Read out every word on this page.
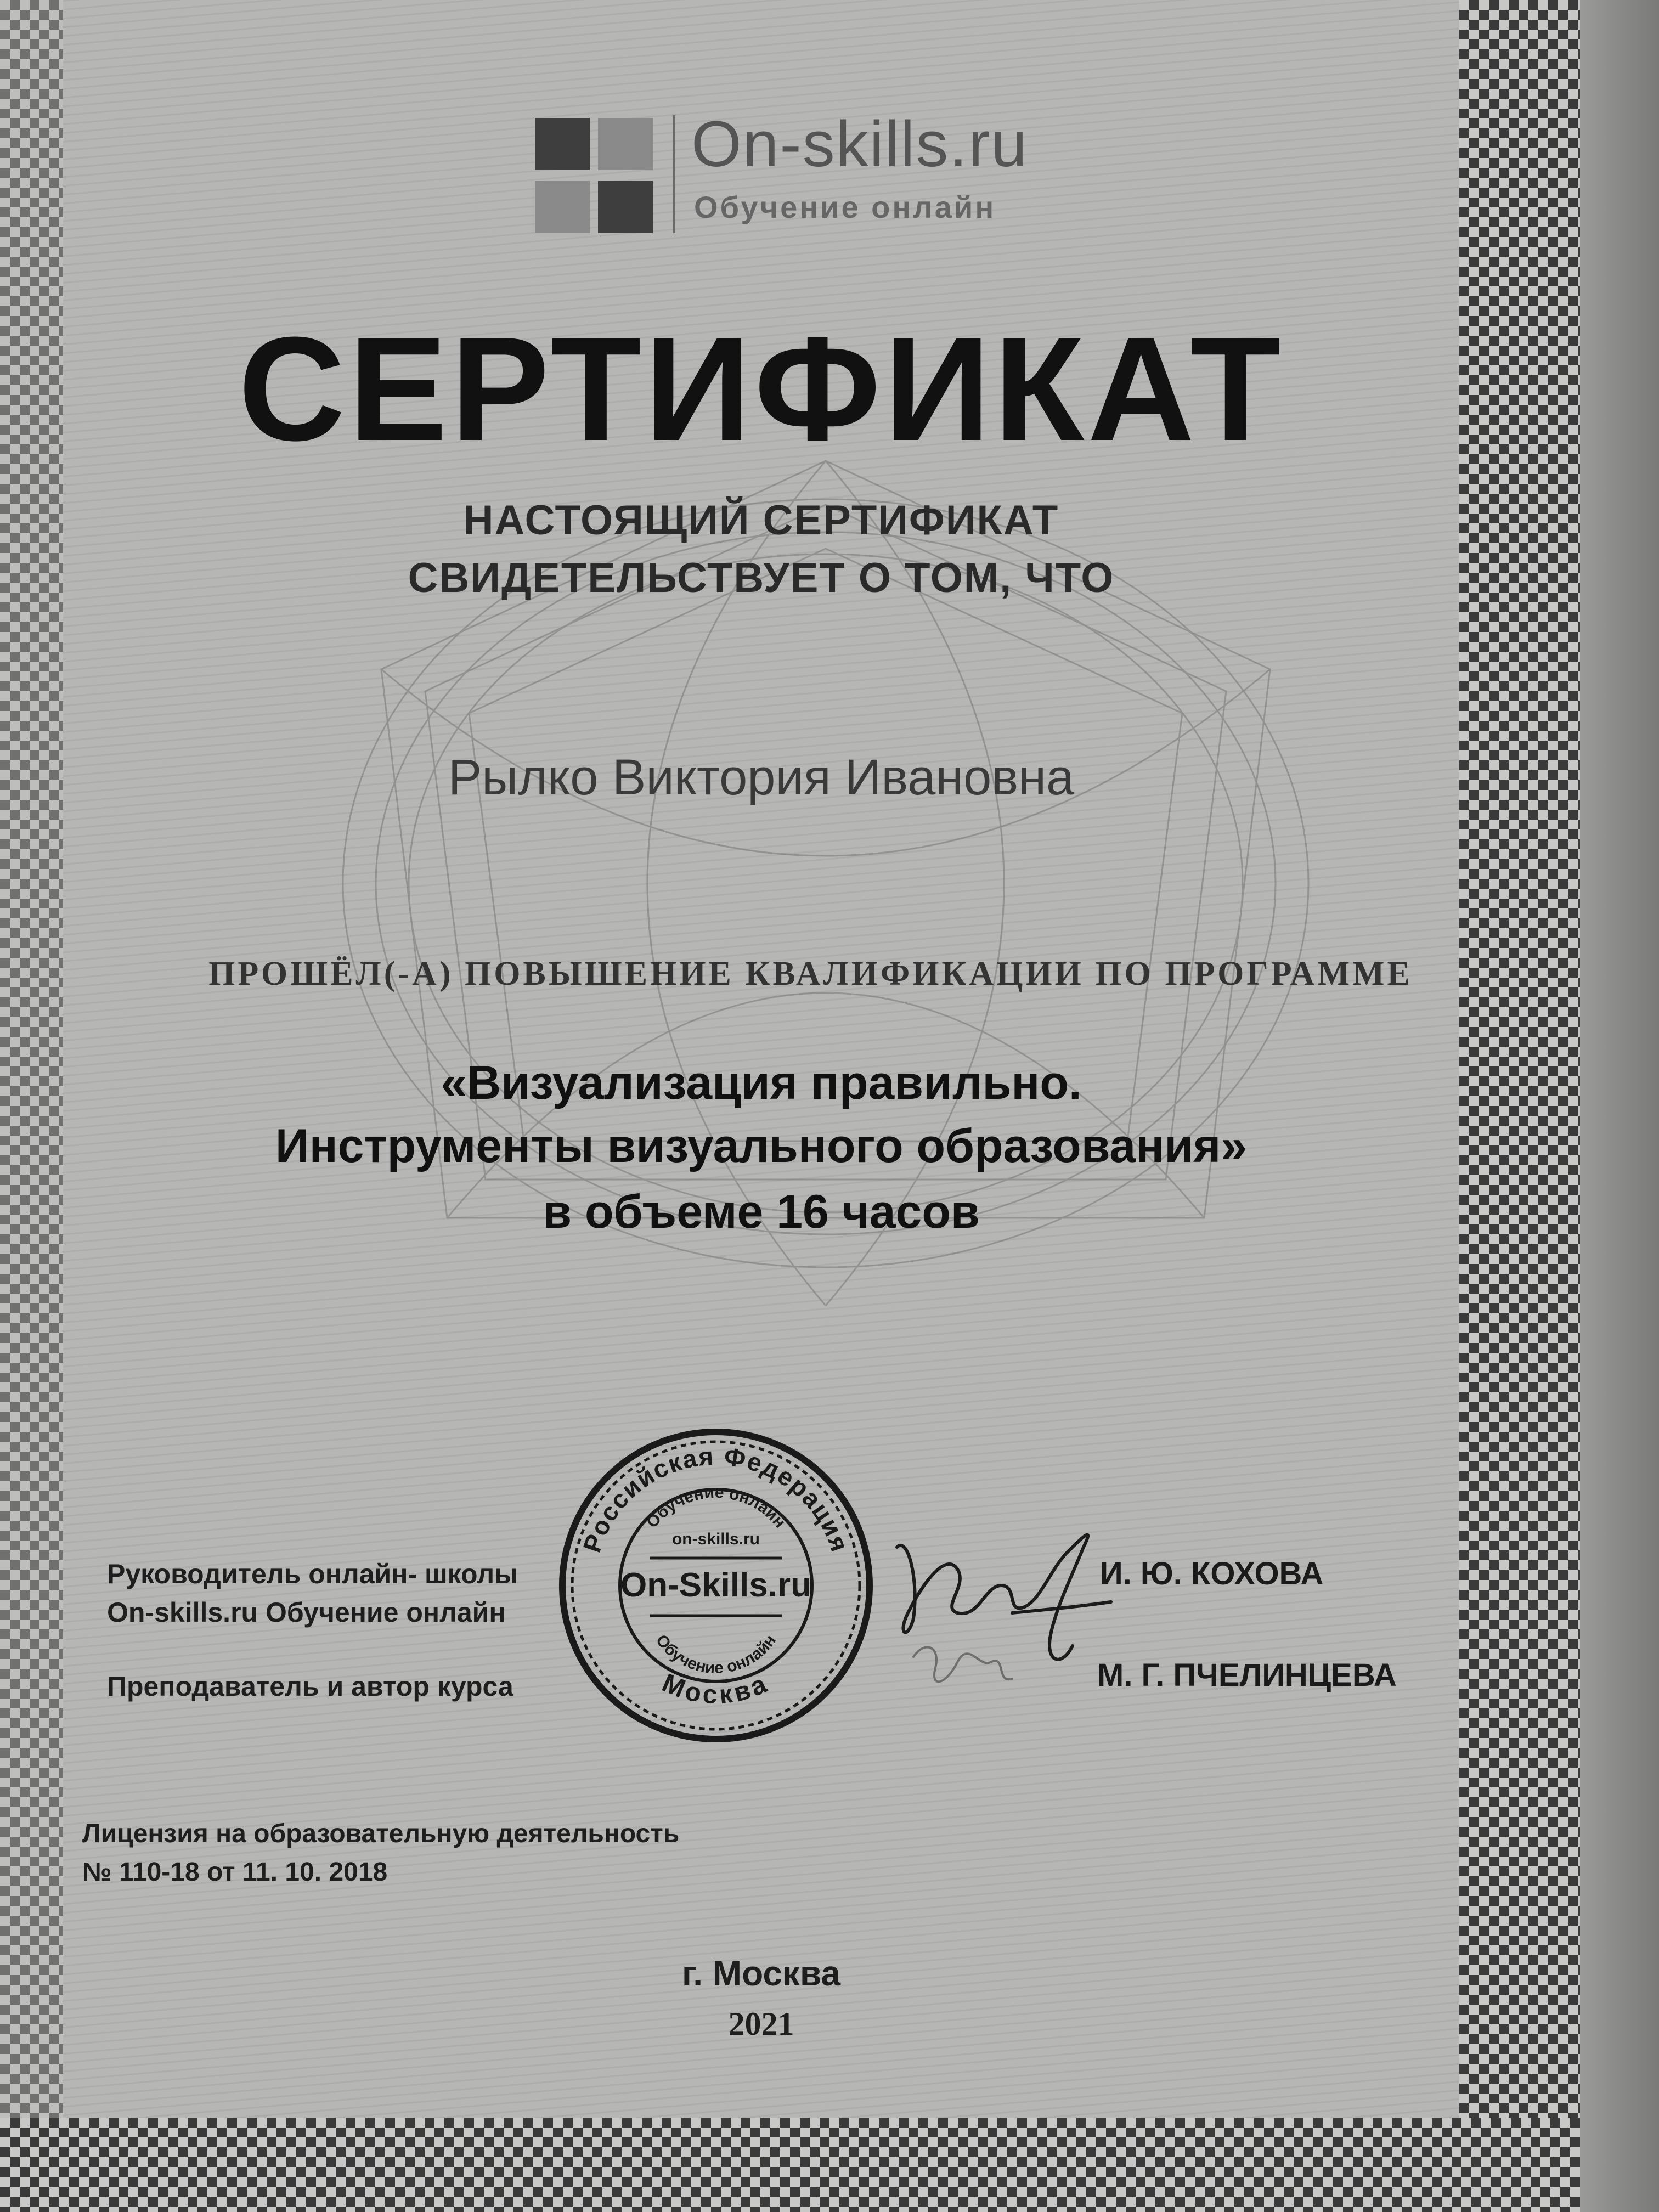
On-skills.ru
Обучение онлайн
СЕРТИФИКАТ
НАСТОЯЩИЙ СЕРТИФИКАТ
СВИДЕТЕЛЬСТВУЕТ О ТОМ, ЧТО
Рылко Виктория Ивановна
ПРОШЁЛ(-А) ПОВЫШЕНИЕ КВАЛИФИКАЦИИ ПО ПРОГРАММЕ
«Визуализация правильно.
Инструменты визуального образования»
в объеме 16 часов
Руководитель онлайн- школы
On-skills.ru Обучение онлайн
Преподаватель и автор курса
Российская Федерация
Москва
Обучение онлайн
on-skills.ru
On-Skills.ru
Обучение онлайн
И. Ю. КОХОВА
М. Г. ПЧЕЛИНЦЕВА
Лицензия на образовательную деятельность
№ 110-18 от 11. 10. 2018
г. Москва
2021
